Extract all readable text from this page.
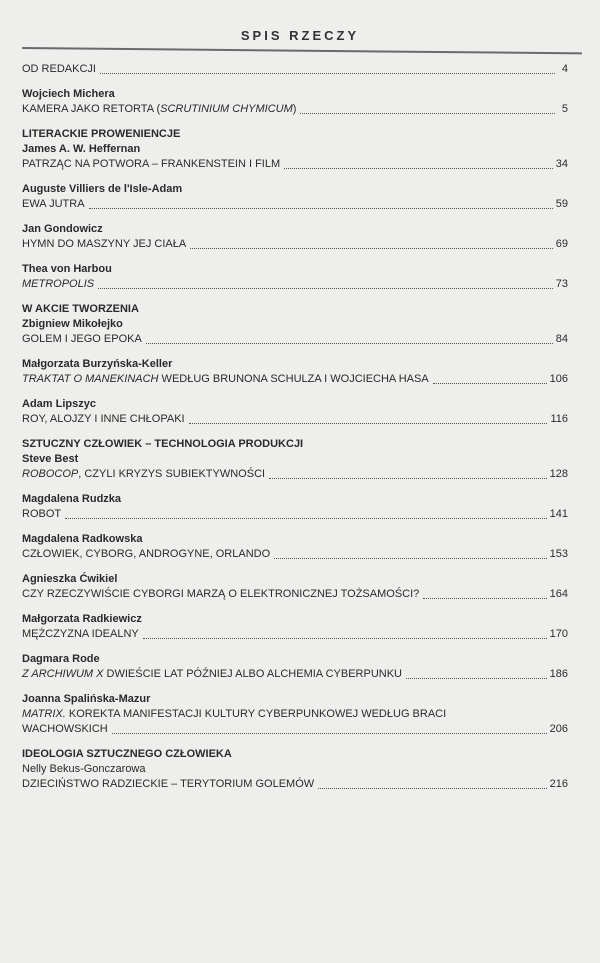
SPIS RZECZY
OD REDAKCJI	4
Wojciech Michera
KAMERA JAKO RETORTA (SCRUTINIUM CHYMICUM)	5
LITERACKIE PROWENIENCJE
James A. W. Heffernan
PATRZĄC NA POTWORA – FRANKENSTEIN I FILM	34
Auguste Villiers de l'Isle-Adam
EWA JUTRA	59
Jan Gondowicz
HYMN DO MASZYNY JEJ CIAŁA	69
Thea von Harbou
METROPOLIS	73
W AKCIE TWORZENIA
Zbigniew Mikołejko
GOLEM I JEGO EPOKA	84
Małgorzata Burzyńska-Keller
TRAKTAT O MANEKINACH WEDŁUG BRUNONA SCHULZA I WOJCIECHA HASA	106
Adam Lipszyc
ROY, ALOJZY I INNE CHŁOPAKI	116
SZTUCZNY CZŁOWIEK – TECHNOLOGIA PRODUKCJI
Steve Best
ROBOCOP, CZYLI KRYZYS SUBIEKTYWNOŚCI	128
Magdalena Rudzka
ROBOT	141
Magdalena Radkowska
CZŁOWIEK, CYBORG, ANDROGYNE, ORLANDO	153
Agnieszka Ćwikiel
CZY RZECZYWIŚCIE CYBORGI MARZĄ O ELEKTRONICZNEJ TOŻSAMOŚCI?	164
Małgorzata Radkiewicz
MĘŻCZYZNA IDEALNY	170
Dagmara Rode
Z ARCHIWUM X DWIEŚCIE LAT PÓŹNIEJ ALBO ALCHEMIA CYBERPUNKU	186
Joanna Spalińska-Mazur
MATRIX. KOREKTA MANIFESTACJI KULTURY CYBERPUNKOWEJ WEDŁUG BRACI
WACHOWSKICH	206
IDEOLOGIA SZTUCZNEGO CZŁOWIEKA
Nelly Bekus-Gonczarowa
DZIECIŃSTWO RADZIECKIE – TERYTORIUM GOLEMÓW	216
